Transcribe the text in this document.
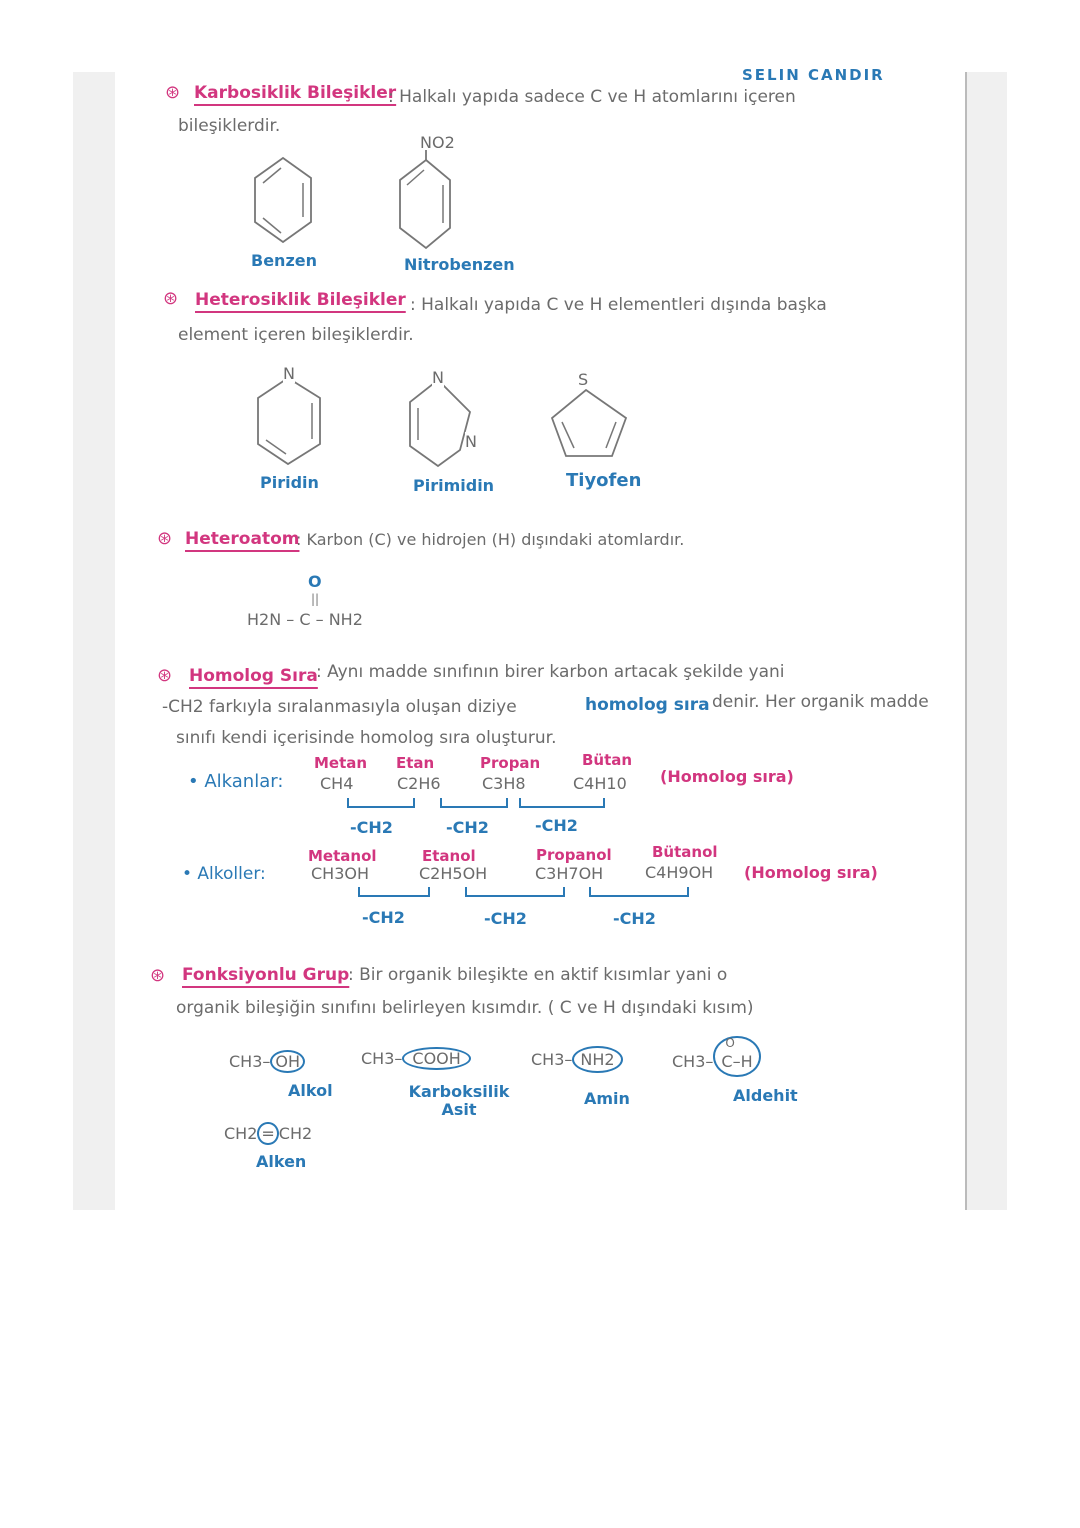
SELIN CANDIR
⊛ Karbosiklik Bileşikler
: Halkalı yapıda sadece C ve H atomlarını içeren
bileşiklerdir.
NO2
Benzen	Nitrobenzen
⊛ Heterosiklik Bileşikler : Halkalı yapıda C ve H elementleri dışında başka
element içeren bileşiklerdir.
N	N
N
S
Piridin	Pirimidin	Tiyofen
⊛ Heteroatom
: Karbon (C) ve hidrojen (H) dışındaki atomlardır.
O
||
H2N – C – NH2
⊛ Homolog Sıra
: Aynı madde sınıfının birer karbon artacak şekilde yani
-CH2 farkıyla sıralanmasıyla oluşan diziye	homolog sıra denir. Her organik madde
sınıfı kendi içerisinde homolog sıra oluşturur.
• Alkanlar:
Metan Etan	Propan	Bütan
CH4	C2H6	C3H8	C4H10 (Homolog sıra)
-CH2	-CH2	-CH2
• Alkoller:
Metanol	Etanol	Propanol	Bütanol
CH3OH	C2H5OH	C3H7OH	C4H9OH (Homolog sıra)
-CH2	-CH2	-CH2
⊛ Fonksiyonlu Grup
: Bir organik bileşikte en aktif kısımlar yani o
organik bileşiğin sınıfını belirleyen kısımdır. ( C ve H dışındaki kısım)
CH3– OH
Alkol
CH3– COOH
Karboksilik Asit
CH3– NH2
Amin
CH3–
O
C–H
Aldehit
CH2 = CH2
Alken
